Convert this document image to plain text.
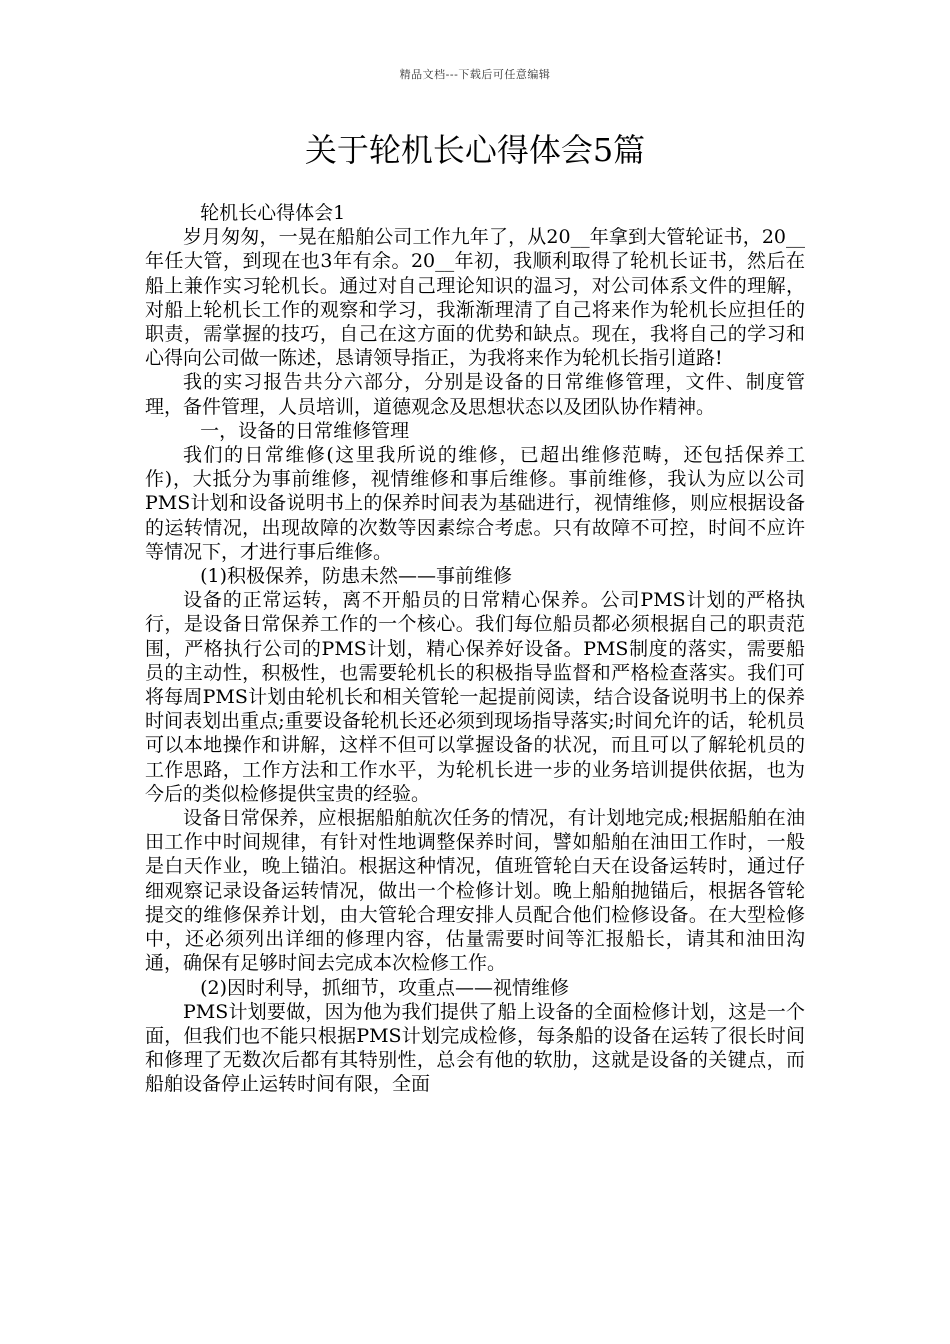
精品文档---下载后可任意编辑
关于轮机长心得体会5篇

轮机长心得体会1

岁月匆匆，一晃在船舶公司工作九年了，从20__年拿到大管轮证书，20__年任大管，到现在也3年有余。20__年初，我顺利取得了轮机长证书，然后在船上兼作实习轮机长。通过对自己理论知识的温习，对公司体系文件的理解，对船上轮机长工作的观察和学习，我渐渐理清了自己将来作为轮机长应担任的职责，需掌握的技巧，自己在这方面的优势和缺点。现在，我将自己的学习和心得向公司做一陈述，恳请领导指正，为我将来作为轮机长指引道路!

我的实习报告共分六部分，分别是设备的日常维修管理，文件、制度管理，备件管理，人员培训，道德观念及思想状态以及团队协作精神。

一，设备的日常维修管理

我们的日常维修(这里我所说的维修，已超出维修范畴，还包括保养工作)，大抵分为事前维修，视情维修和事后维修。事前维修，我认为应以公司PMS计划和设备说明书上的保养时间表为基础进行，视情维修，则应根据设备的运转情况，出现故障的次数等因素综合考虑。只有故障不可控，时间不应许等情况下，才进行事后维修。

(1)积极保养，防患未然——事前维修

设备的正常运转，离不开船员的日常精心保养。公司PMS计划的严格执行，是设备日常保养工作的一个核心。我们每位船员都必须根据自己的职责范围，严格执行公司的PMS计划，精心保养好设备。PMS制度的落实，需要船员的主动性，积极性，也需要轮机长的积极指导监督和严格检查落实。我们可将每周PMS计划由轮机长和相关管轮一起提前阅读，结合设备说明书上的保养时间表划出重点;重要设备轮机长还必须到现场指导落实;时间允许的话，轮机员可以本地操作和讲解，这样不但可以掌握设备的状况，而且可以了解轮机员的工作思路，工作方法和工作水平，为轮机长进一步的业务培训提供依据，也为今后的类似检修提供宝贵的经验。

设备日常保养，应根据船舶航次任务的情况，有计划地完成;根据船舶在油田工作中时间规律，有针对性地调整保养时间，譬如船舶在油田工作时，一般是白天作业，晚上锚泊。根据这种情况，值班管轮白天在设备运转时，通过仔细观察记录设备运转情况，做出一个检修计划。晚上船舶抛锚后，根据各管轮提交的维修保养计划，由大管轮合理安排人员配合他们检修设备。在大型检修中，还必须列出详细的修理内容，估量需要时间等汇报船长，请其和油田沟通，确保有足够时间去完成本次检修工作。

(2)因时利导，抓细节，攻重点——视情维修

PMS计划要做，因为他为我们提供了船上设备的全面检修计划，这是一个面，但我们也不能只根据PMS计划完成检修，每条船的设备在运转了很长时间和修理了无数次后都有其特别性，总会有他的软肋，这就是设备的关键点，而船舶设备停止运转时间有限，全面
